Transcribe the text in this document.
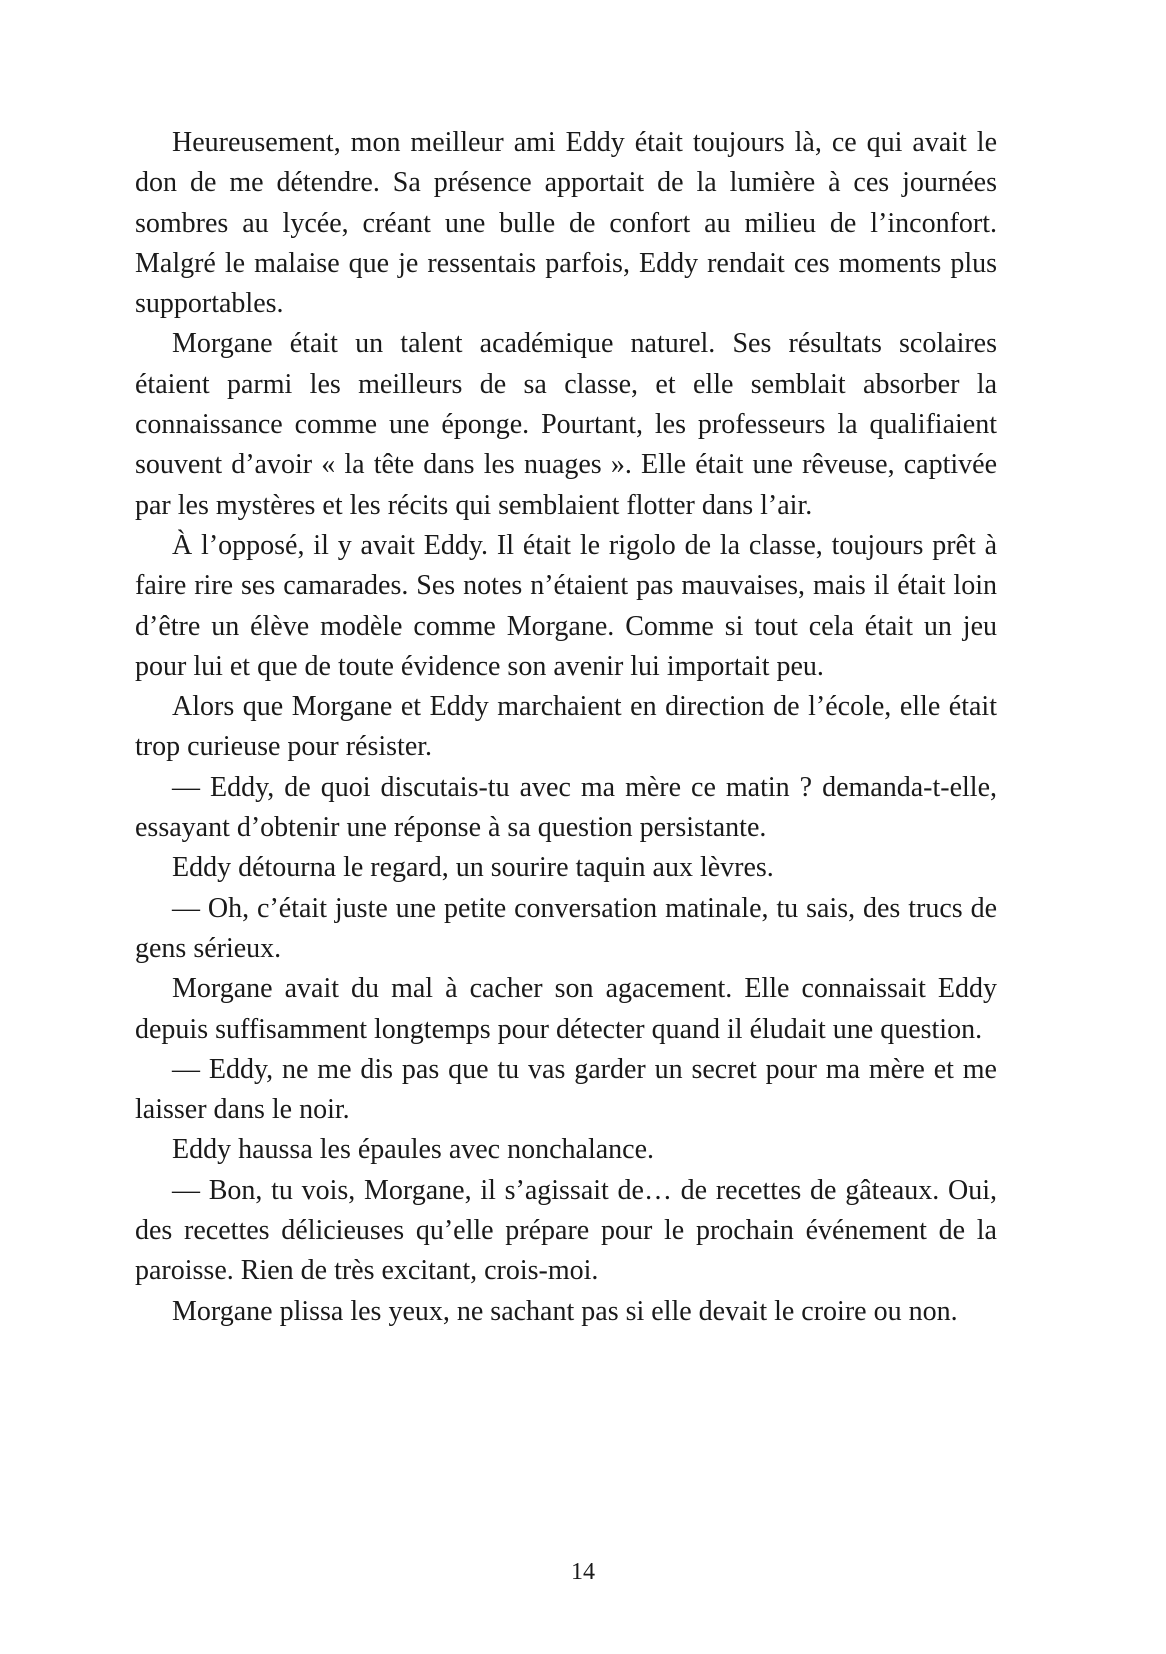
Heureusement, mon meilleur ami Eddy était toujours là, ce qui avait le don de me détendre. Sa présence apportait de la lumière à ces journées sombres au lycée, créant une bulle de confort au milieu de l’inconfort. Malgré le malaise que je ressentais parfois, Eddy rendait ces moments plus supportables.

Morgane était un talent académique naturel. Ses résultats scolaires étaient parmi les meilleurs de sa classe, et elle semblait absorber la connaissance comme une éponge. Pourtant, les professeurs la qualifiaient souvent d’avoir « la tête dans les nuages ». Elle était une rêveuse, captivée par les mystères et les récits qui semblaient flotter dans l’air.

À l’opposé, il y avait Eddy. Il était le rigolo de la classe, toujours prêt à faire rire ses camarades. Ses notes n’étaient pas mauvaises, mais il était loin d’être un élève modèle comme Morgane. Comme si tout cela était un jeu pour lui et que de toute évidence son avenir lui importait peu.

Alors que Morgane et Eddy marchaient en direction de l’école, elle était trop curieuse pour résister.

— Eddy, de quoi discutais-tu avec ma mère ce matin ? demanda-t-elle, essayant d’obtenir une réponse à sa question persistante.

Eddy détourna le regard, un sourire taquin aux lèvres.

— Oh, c’était juste une petite conversation matinale, tu sais, des trucs de gens sérieux.

Morgane avait du mal à cacher son agacement. Elle connaissait Eddy depuis suffisamment longtemps pour détecter quand il éludait une question.

— Eddy, ne me dis pas que tu vas garder un secret pour ma mère et me laisser dans le noir.

Eddy haussa les épaules avec nonchalance.

— Bon, tu vois, Morgane, il s’agissait de… de recettes de gâteaux. Oui, des recettes délicieuses qu’elle prépare pour le prochain événement de la paroisse. Rien de très excitant, crois-moi.

Morgane plissa les yeux, ne sachant pas si elle devait le croire ou non.

14
